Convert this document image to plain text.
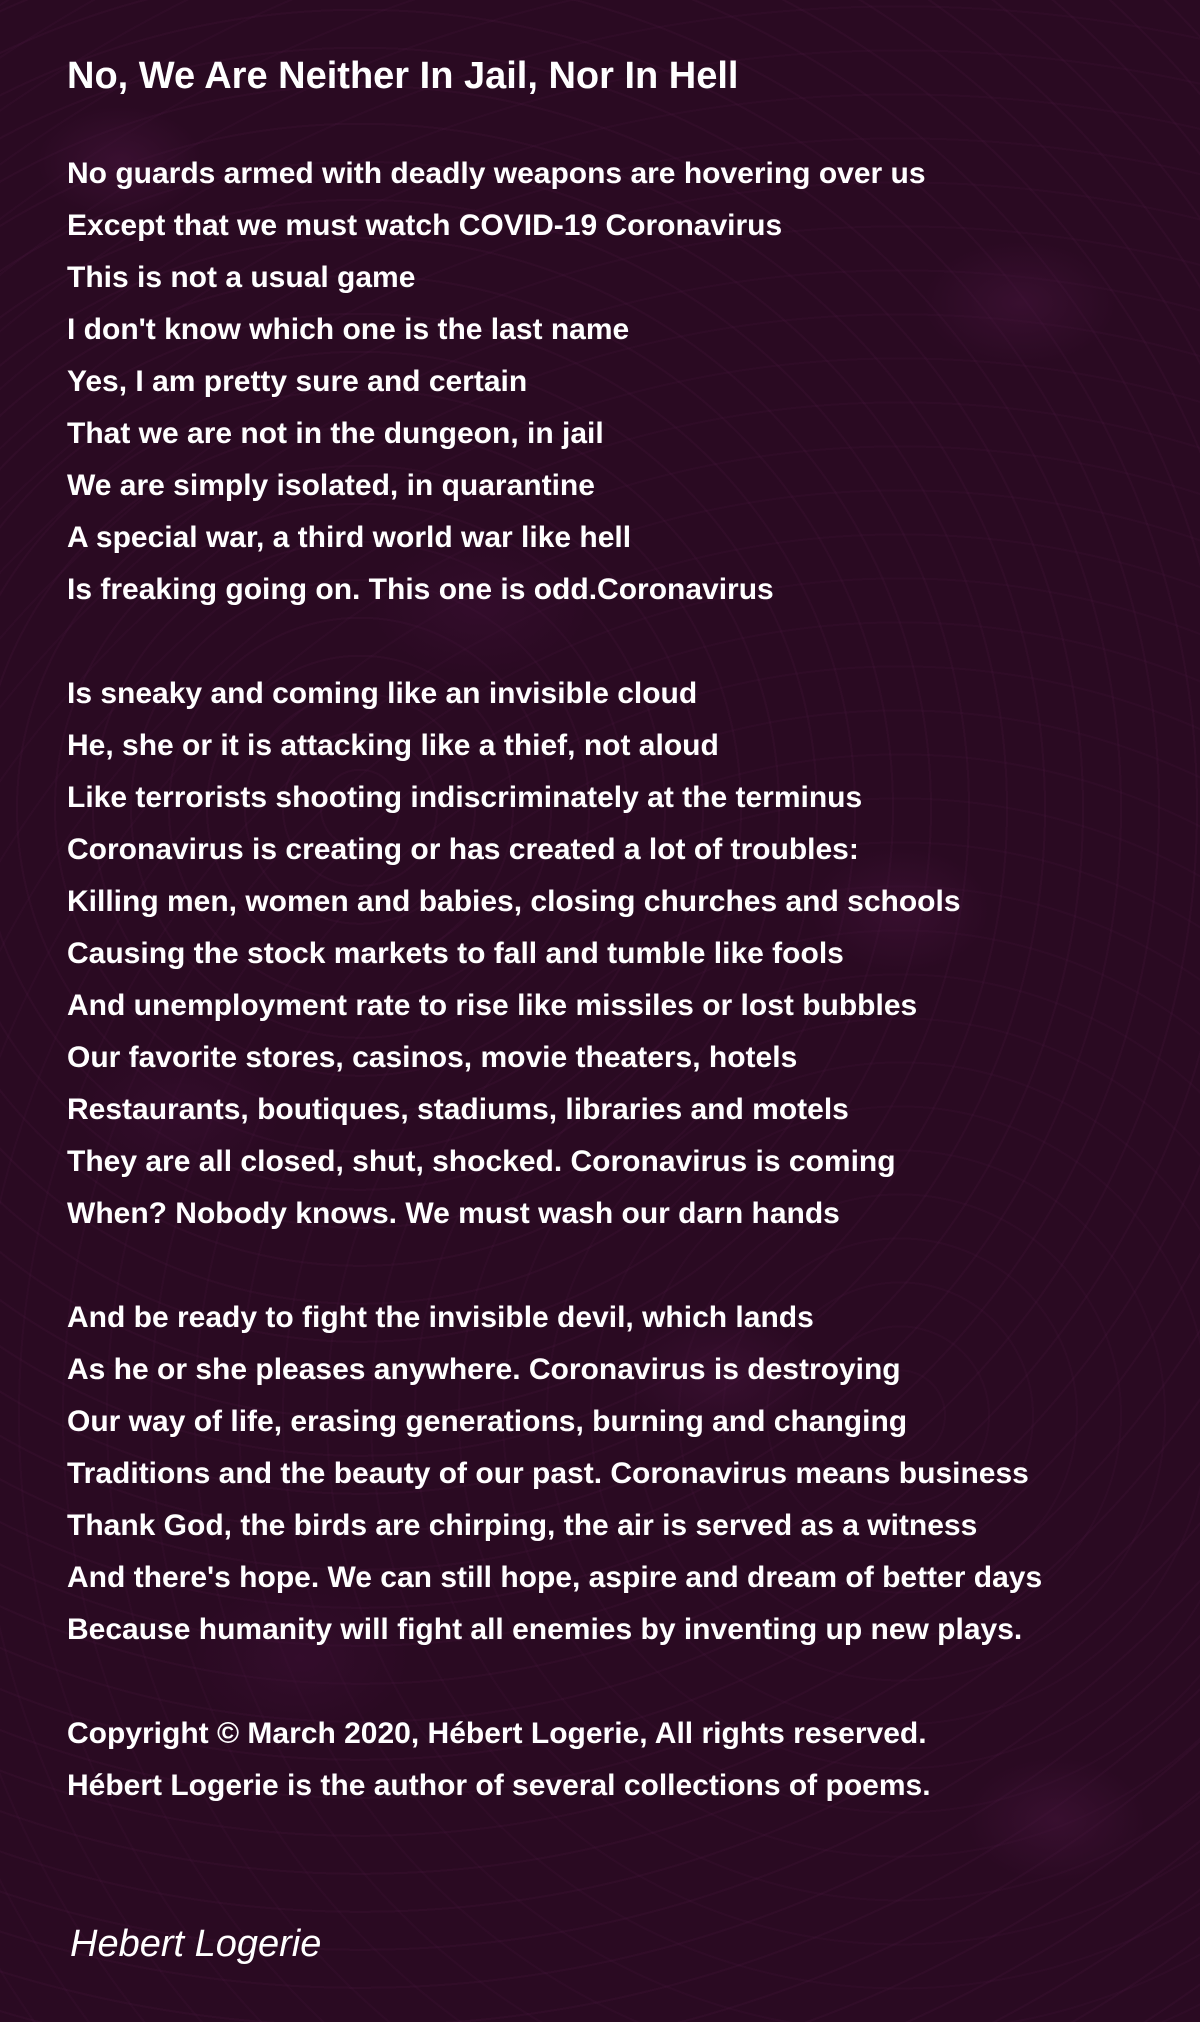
No, We Are Neither In Jail, Nor In Hell
No guards armed with deadly weapons are hovering over us
Except that we must watch COVID-19 Coronavirus
This is not a usual game
I don't know which one is the last name
Yes, I am pretty sure and certain
That we are not in the dungeon, in jail
We are simply isolated, in quarantine
A special war, a third world war like hell
Is freaking going on. This one is odd.Coronavirus
Is sneaky and coming like an invisible cloud
He, she or it is attacking like a thief, not aloud
Like terrorists shooting indiscriminately at the terminus
Coronavirus is creating or has created a lot of troubles:
Killing men, women and babies, closing churches and schools
Causing the stock markets to fall and tumble like fools
And unemployment rate to rise like missiles or lost bubbles
Our favorite stores, casinos, movie theaters, hotels
Restaurants, boutiques, stadiums, libraries and motels
They are all closed, shut, shocked. Coronavirus is coming
When? Nobody knows. We must wash our darn hands
And be ready to fight the invisible devil, which lands
As he or she pleases anywhere. Coronavirus is destroying
Our way of life, erasing generations, burning and changing
Traditions and the beauty of our past. Coronavirus means business
Thank God, the birds are chirping, the air is served as a witness
And there's hope. We can still hope, aspire and dream of better days
Because humanity will fight all enemies by inventing up new plays.
Copyright © March 2020, Hébert Logerie, All rights reserved.
Hébert Logerie is the author of several collections of poems.
Hebert Logerie
